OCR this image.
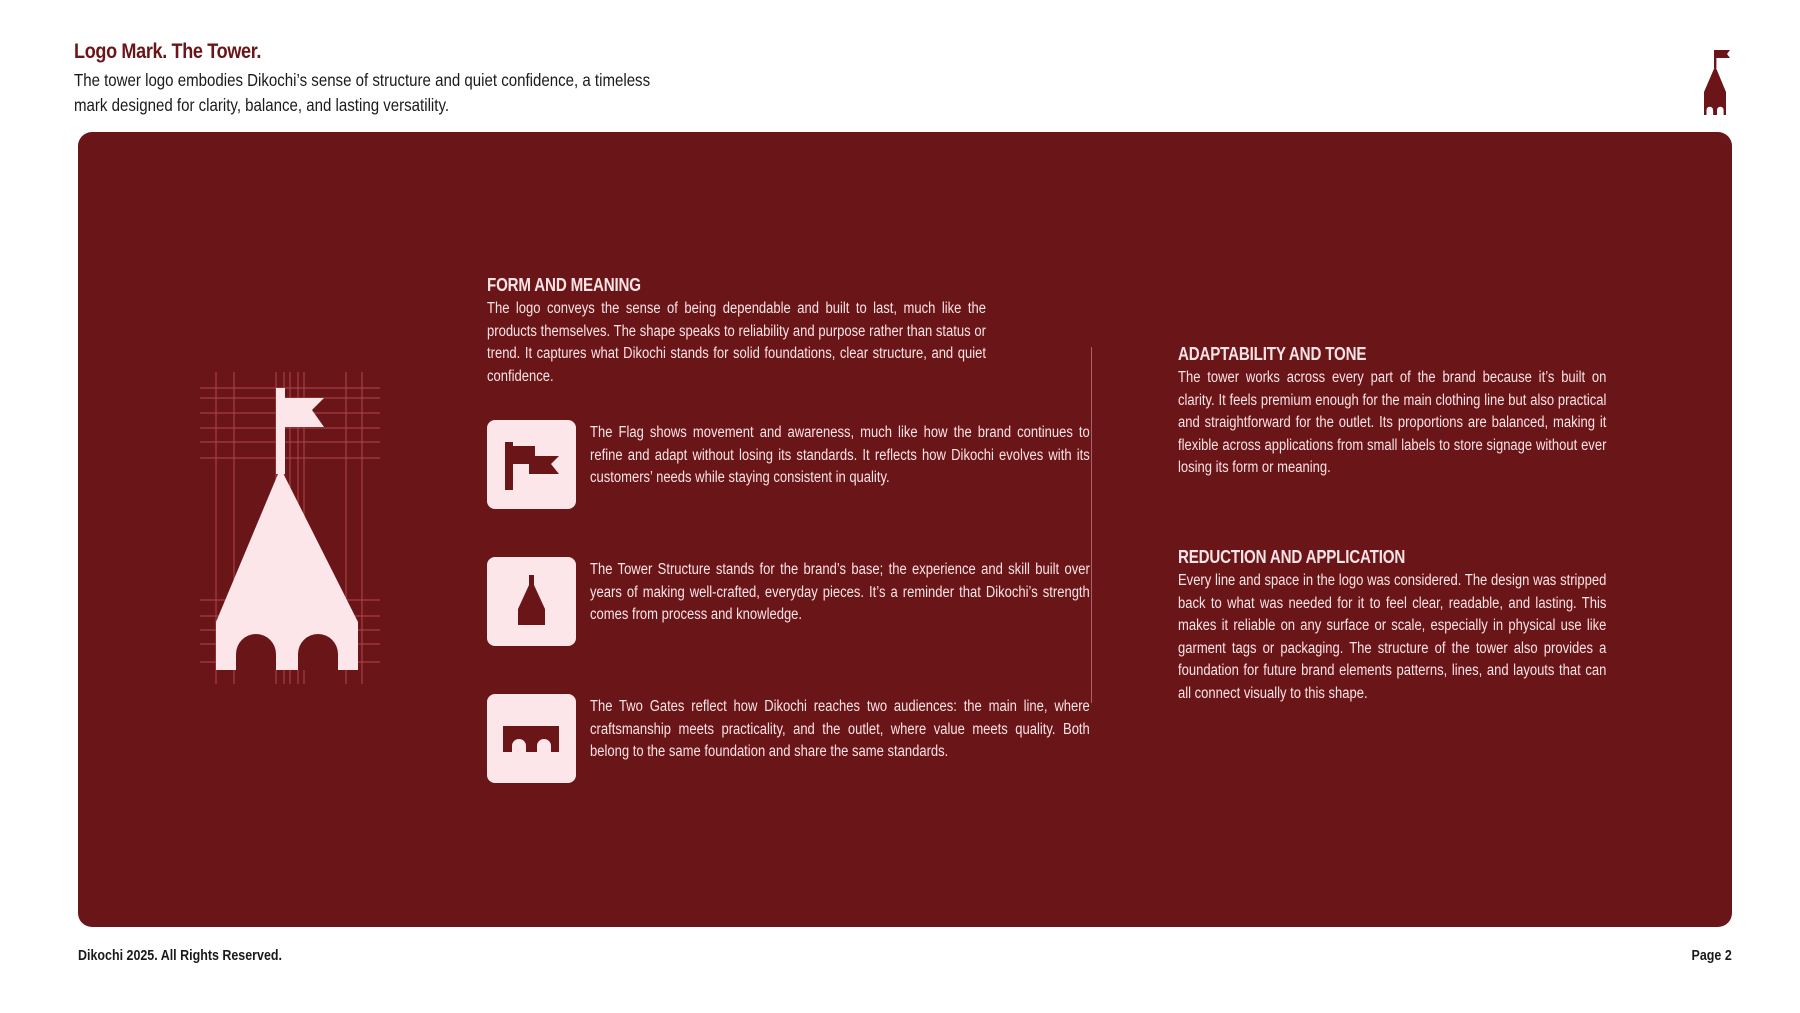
Logo Mark. The Tower.
The tower logo embodies Dikochi’s sense of structure and quiet confidence, a timeless
mark designed for clarity, balance, and lasting versatility.
FORM AND MEANING
The logo conveys the sense of being dependable and built to last, much like the products themselves. The shape speaks to reliability and purpose rather than status or trend. It captures what Dikochi stands for solid foundations, clear structure, and quiet confidence.
The Flag shows movement and awareness, much like how the brand continues to refine and adapt without losing its standards. It reflects how Dikochi evolves with its customers’ needs while staying consistent in quality.
The Tower Structure stands for the brand’s base; the experience and skill built over years of making well-crafted, everyday pieces. It’s a reminder that Dikochi’s strength comes from process and knowledge.
The Two Gates reflect how Dikochi reaches two audiences: the main line, where craftsmanship meets practicality, and the outlet, where value meets quality. Both belong to the same foundation and share the same standards.
ADAPTABILITY AND TONE
The tower works across every part of the brand because it’s built on clarity. It feels premium enough for the main clothing line but also practical and straightforward for the outlet. Its proportions are balanced, making it flexible across applications from small labels to store signage without ever losing its form or meaning.
REDUCTION AND APPLICATION
Every line and space in the logo was considered. The design was stripped back to what was needed for it to feel clear, readable, and lasting. This makes it reliable on any surface or scale, especially in physical use like garment tags or packaging. The structure of the tower also provides a foundation for future brand elements patterns, lines, and layouts that can all connect visually to this shape.
Dikochi 2025. All Rights Reserved.	Page 2
